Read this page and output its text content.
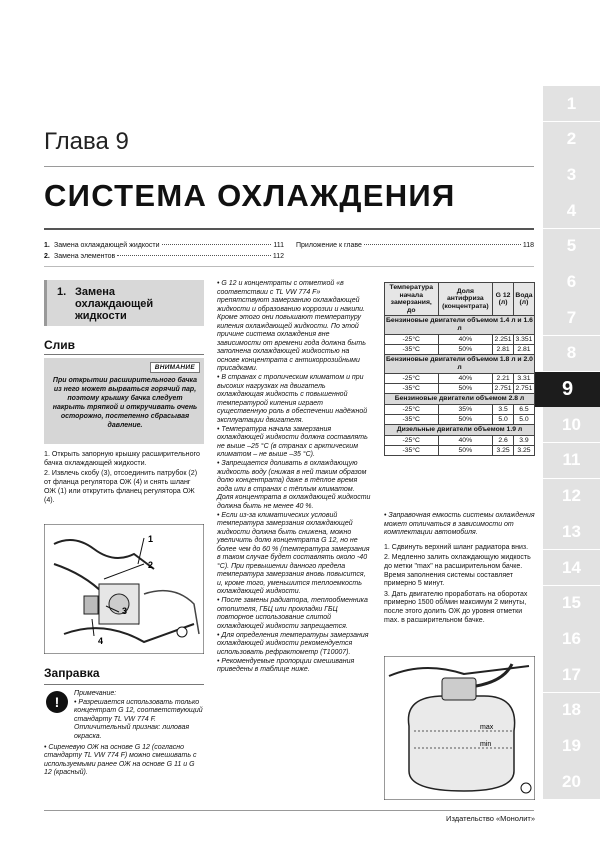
Глава 9
СИСТЕМА ОХЛАЖДЕНИЯ
1. Замена охлаждающей жидкости	111
2. Замена элементов	112
Приложение к главе	118
1
2
3
4
5
6
7
8
9
10
11
12
13
14
15
16
17
18
19
20
1. Замена
охлаждающей
жидкости
Слив
ВНИМАНИЕ
При открытии расширительного бачка из него может вырваться горячий пар, поэтому крышку бачка следует накрыть тряпкой и откручивать очень осторожно, постепенно сбрасывая давление.

1. Открыть запорную крышку расширительного бачка охлаждающей жидкости.

2. Извлечь скобу (3), отсоединить патрубок (2) от фланца регулятора ОЖ (4) и снять шланг ОЖ (1) или открутить фланец регулятора ОЖ (4).

1
2
3
4
Заправка
!

Примечание:

• Разрешается использовать только концентрат G 12, соответствующий стандарту TL VW 774 F. Отличительный признак: лиловая окраска.

• Сиреневую ОЖ на основе G 12 (согласно стандарту TL VW 774 F) можно смешивать с используемыми ранее ОЖ на основе G 11 и G 12 (красный).

• G 12 и концентраты с отметкой «в соответствии с TL VW 774 F» препятствуют замерзанию охлаждающей жидкости и образованию коррозии и накипи. Кроме этого они повышают температуру кипения охлаждающей жидкости. По этой причине система охлаждения вне зависимости от времени года должна быть заполнена охлаждающей жидкостью на основе концентрата с антикоррозийными присадками.

• В странах с тропическим климатом и при высоких нагрузках на двигатель охлаждающая жидкость с повышенной температурой кипения играет существенную роль в обеспечении надёжной эксплуатации двигателя.

• Температура начала замерзания охлаждающей жидкости должна составлять не выше –25 °С (в странах с арктическим климатом – не выше –35 °С).

• Запрещается доливать в охлаждающую жидкость воду (снижая в ней таким образом долю концентрата) даже в тёплое время года или в странах с тёплым климатом. Доля концентрата в охлаждающей жидкости должна быть не менее 40 %.

• Если из-за климатических условий температура замерзания охлаждающей жидкости должна быть снижена, можно увеличить долю концентрата G 12, но не более чем до 60 % (температура замерзания в таком случае будет составлять около -40 °С). При превышении данного предела температура замерзания вновь повысится, и, кроме того, уменьшится теплоемкость охлаждающей жидкости.

• После замены радиатора, теплообменника отопителя, ГБЦ или прокладки ГБЦ повторное использование слитой охлаждающей жидкости запрещается.

• Для определения температуры замерзания охлаждающей жидкости рекомендуется использовать рефрактометр (Т10007).

• Рекомендуемые пропорции смешивания приведены в таблице ниже.

Температура начала замерзания, до	Доля антифриза (концентрата)	G 12 (л)	Вода (л)
Бензиновые двигатели объемом 1.4 л и 1.6 л			
-25°C	40%	2.251	3.351
-35°C	50%	2.81	2.81
Бензиновые двигатели объемом 1.8 л и 2.0 л			
-25°C	40%	2.21	3.31
-35°C	50%	2.751	2.751
Бензиновые двигатели объемом 2.8 л			
-25°C	35%	3.5	6.5
-35°C	50%	5.0	5.0
Дизельные двигатели объемом 1.9 л			
-25°C	40%	2.6	3.9
-35°C	50%	3.25	3.25

• Заправочная емкость системы охлаждения может отличаться в зависимости от комплектации автомобиля.

1. Сдвинуть верхний шланг радиатора вниз.

2. Медленно залить охлаждающую жидкость до метки "max" на расширительном бачке. Время заполнения системы составляет примерно 5 минут.

3. Дать двигателю проработать на оборотах примерно 1500 об/мин максимум 2 минуты, после этого долить ОЖ до уровня отметки max. в расширительном бачке.

max
min
Издательство «Монолит»
